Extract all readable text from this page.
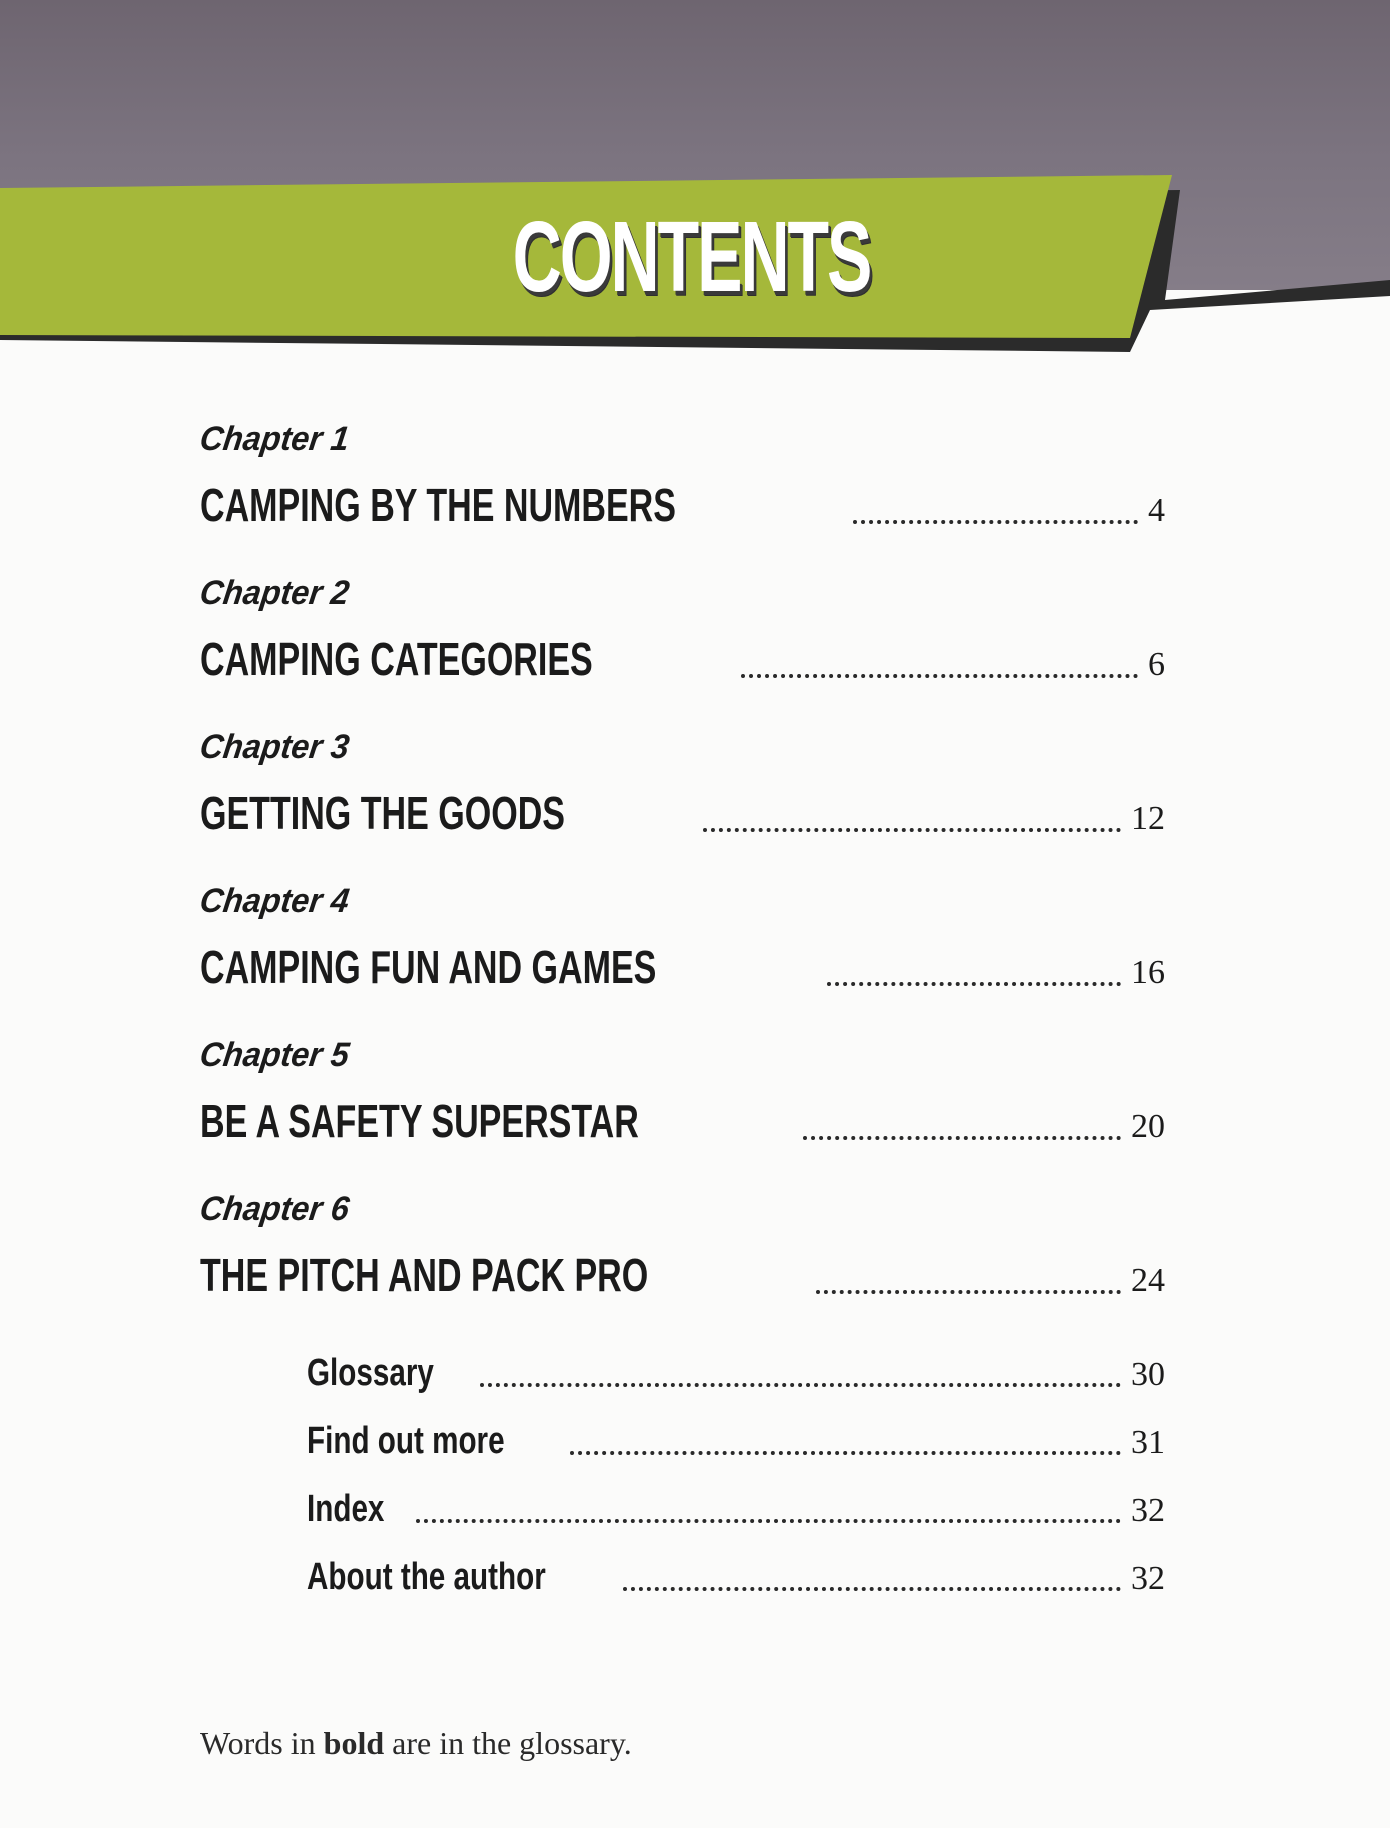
CONTENTS
Chapter 1
CAMPING BY THE NUMBERS	4
Chapter 2
CAMPING CATEGORIES	6
Chapter 3
GETTING THE GOODS	12
Chapter 4
CAMPING FUN AND GAMES	16
Chapter 5
BE A SAFETY SUPERSTAR	20
Chapter 6
THE PITCH AND PACK PRO	24
Glossary	30
Find out more	31
Index	32
About the author	32
Words in bold are in the glossary.
